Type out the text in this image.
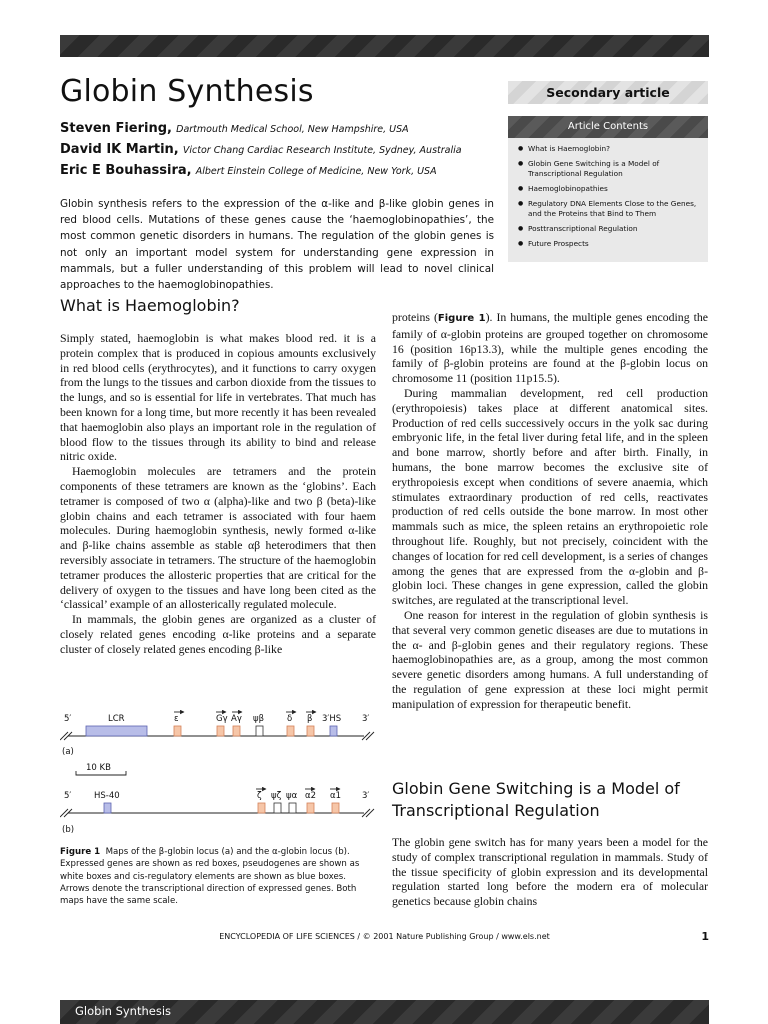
Globin Synthesis
Steven Fiering, Dartmouth Medical School, New Hampshire, USA
David IK Martin, Victor Chang Cardiac Research Institute, Sydney, Australia
Eric E Bouhassira, Albert Einstein College of Medicine, New York, USA
Globin synthesis refers to the expression of the α-like and β-like globin genes in red blood cells. Mutations of these genes cause the ‘haemoglobinopathies’, the most common genetic disorders in humans. The regulation of the globin genes is not only an important model system for understanding gene expression in mammals, but a fuller understanding of this problem will lead to novel clinical approaches to the haemoglobinopathies.
Secondary article
Article Contents
● What is Haemoglobin?
● Globin Gene Switching is a Model of Transcriptional Regulation
● Haemoglobinopathies
● Regulatory DNA Elements Close to the Genes, and the Proteins that Bind to Them
● Posttranscriptional Regulation
● Future Prospects
What is Haemoglobin?

Simply stated, haemoglobin is what makes blood red. it is a protein complex that is produced in copious amounts exclusively in red blood cells (erythrocytes), and it functions to carry oxygen from the lungs to the tissues and carbon dioxide from the tissues to the lungs, and so is essential for life in vertebrates. That much has been known for a long time, but more recently it has been revealed that haemoglobin also plays an important role in the regulation of blood flow to the tissues through its ability to bind and release nitric oxide.

Haemoglobin molecules are tetramers and the protein components of these tetramers are known as the ‘globins’. Each tetramer is composed of two α (alpha)-like and two β (beta)-like globin chains and each tetramer is associated with four haem molecules. During haemoglobin synthesis, newly formed α-like and β-like chains assemble as stable αβ heterodimers that then reversibly associate in tetramers. The structure of the haemoglobin tetramer produces the allosteric properties that are critical for the delivery of oxygen to the tissues and have long been cited as the ‘classical’ example of an allosterically regulated molecule.

In mammals, the globin genes are organized as a cluster of closely related genes encoding α-like proteins and a separate cluster of closely related genes encoding β-like

proteins (Figure 1). In humans, the multiple genes encoding the family of α-globin proteins are grouped together on chromosome 16 (position 16p13.3), while the multiple genes encoding the family of β-globin proteins are found at the β-globin locus on chromosome 11 (position 11p15.5).

During mammalian development, red cell production (erythropoiesis) takes place at different anatomical sites. Production of red cells successively occurs in the yolk sac during embryonic life, in the fetal liver during fetal life, and in the spleen and bone marrow, shortly before and after birth. Finally, in humans, the bone marrow becomes the exclusive site of erythropoiesis except when conditions of severe anaemia, which stimulates extraordinary production of red cells, reactivates production of red cells outside the bone marrow. In most other mammals such as mice, the spleen retains an erythropoietic role throughout life. Roughly, but not precisely, coincident with the changes of location for red cell development, is a series of changes among the genes that are expressed from the α-globin and β-globin loci. These changes in gene expression, called the globin switches, are regulated at the transcriptional level.

One reason for interest in the regulation of globin synthesis is that several very common genetic diseases are due to mutations in the α- and β-globin genes and their regulatory regions. These haemoglobinopathies are, as a group, among the most common severe genetic disorders among humans. A full understanding of the regulation of gene expression at these loci might permit manipulation of expression for therapeutic benefit.

Globin Gene Switching is a Model of Transcriptional Regulation

The globin gene switch has for many years been a model for the study of complex transcriptional regulation in mammals. Study of the tissue specificity of globin expression and its developmental regulation started long before the modern era of molecular genetics because globin chains

5′	3′
LCR	ε	Gγ Aγ ψβ	δ β 3′HS
(a)
10 KB
5′	3′
HS-40	ζ ψζ ψα α2 α1
(b)
Figure 1 Maps of the β-globin locus (a) and the α-globin locus (b). Expressed genes are shown as red boxes, pseudogenes are shown as white boxes and cis-regulatory elements are shown as blue boxes. Arrows denote the transcriptional direction of expressed genes. Both maps have the same scale.
ENCYCLOPEDIA OF LIFE SCIENCES / © 2001 Nature Publishing Group / www.els.net	1
Globin Synthesis
